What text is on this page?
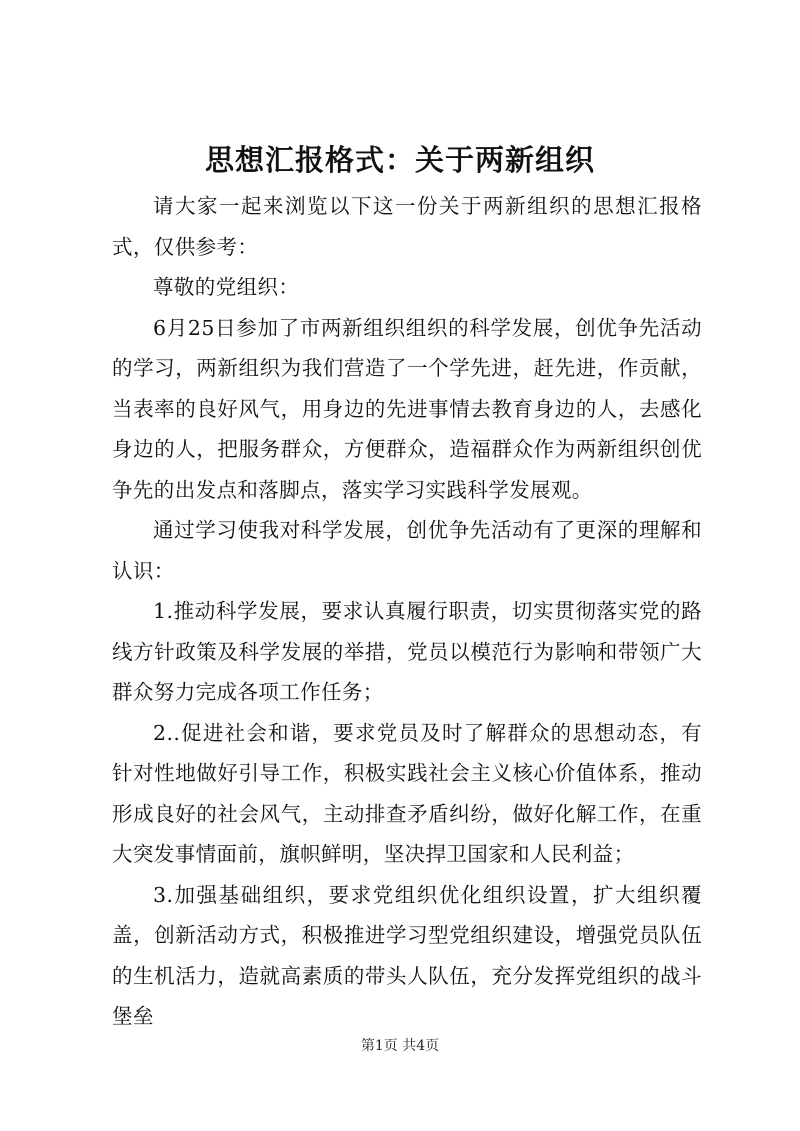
思想汇报格式：关于两新组织

请大家一起来浏览以下这一份关于两新组织的思想汇报格式，仅供参考：

尊敬的党组织：

6月25日参加了市两新组织组织的科学发展，创优争先活动的学习，两新组织为我们营造了一个学先进，赶先进，作贡献，当表率的良好风气，用身边的先进事情去教育身边的人，去感化身边的人，把服务群众，方便群众，造福群众作为两新组织创优争先的出发点和落脚点，落实学习实践科学发展观。

通过学习使我对科学发展，创优争先活动有了更深的理解和认识：

1.推动科学发展，要求认真履行职责，切实贯彻落实党的路线方针政策及科学发展的举措，党员以模范行为影响和带领广大群众努力完成各项工作任务；

2..促进社会和谐，要求党员及时了解群众的思想动态，有针对性地做好引导工作，积极实践社会主义核心价值体系，推动形成良好的社会风气，主动排查矛盾纠纷，做好化解工作，在重大突发事情面前，旗帜鲜明，坚决捍卫国家和人民利益；

3.加强基础组织，要求党组织优化组织设置，扩大组织覆盖，创新活动方式，积极推进学习型党组织建设，增强党员队伍的生机活力，造就高素质的带头人队伍，充分发挥党组织的战斗堡垒

第1页 共4页
